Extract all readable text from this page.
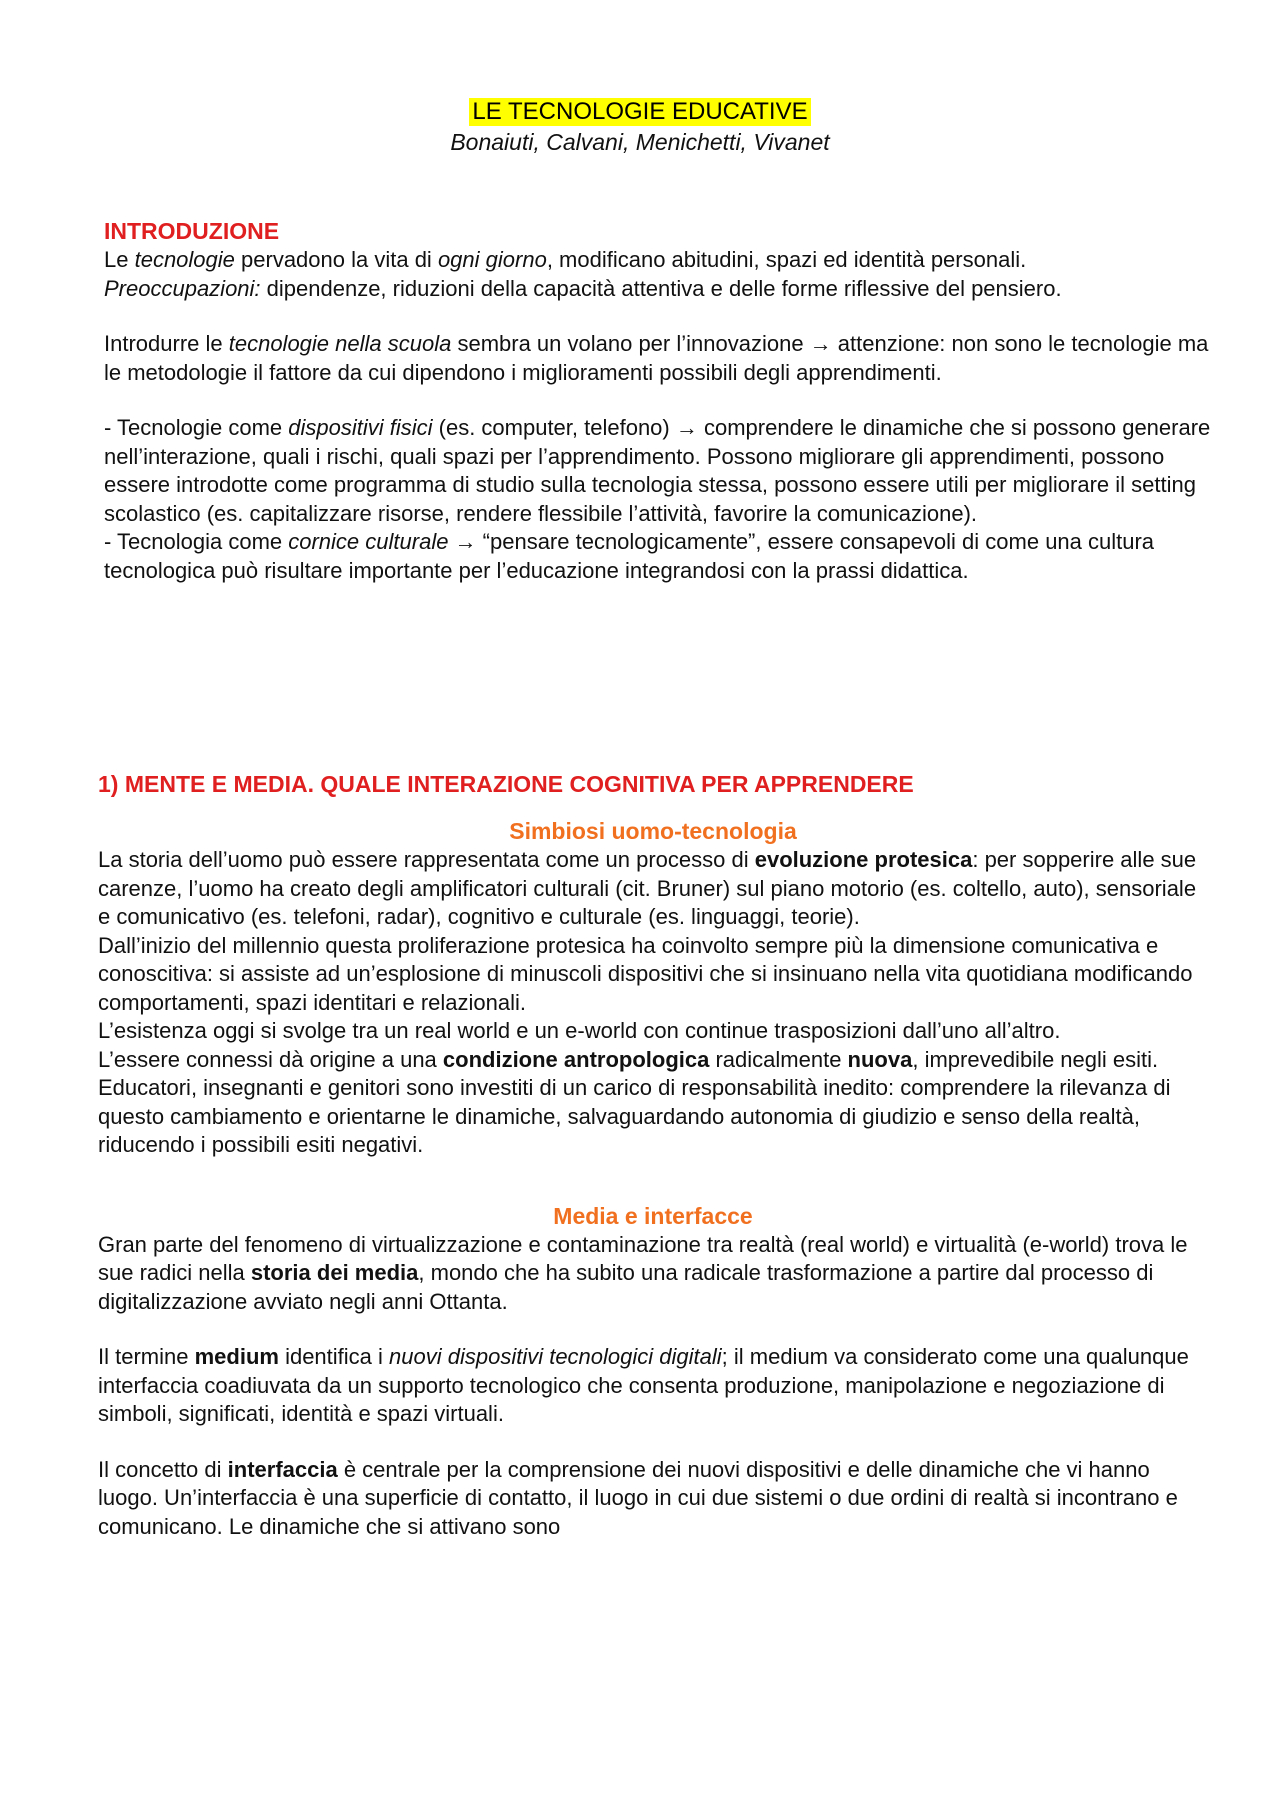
LE TECNOLOGIE EDUCATIVE
Bonaiuti, Calvani, Menichetti, Vivanet
INTRODUZIONE

Le tecnologie pervadono la vita di ogni giorno, modificano abitudini, spazi ed identità personali.
Preoccupazioni: dipendenze, riduzioni della capacità attentiva e delle forme riflessive del pensiero.

Introdurre le tecnologie nella scuola sembra un volano per l’innovazione → attenzione: non sono le tecnologie ma le metodologie il fattore da cui dipendono i miglioramenti possibili degli apprendimenti.

- Tecnologie come dispositivi fisici (es. computer, telefono) → comprendere le dinamiche che si possono generare nell’interazione, quali i rischi, quali spazi per l’apprendimento. Possono migliorare gli apprendimenti, possono essere introdotte come programma di studio sulla tecnologia stessa, possono essere utili per migliorare il setting scolastico (es. capitalizzare risorse, rendere flessibile l’attività, favorire la comunicazione).

- Tecnologia come cornice culturale → “pensare tecnologicamente”, essere consapevoli di come una cultura tecnologica può risultare importante per l’educazione integrandosi con la prassi didattica.

1) MENTE E MEDIA. QUALE INTERAZIONE COGNITIVA PER APPRENDERE
Simbiosi uomo-tecnologia

La storia dell’uomo può essere rappresentata come un processo di evoluzione protesica: per sopperire alle sue carenze, l’uomo ha creato degli amplificatori culturali (cit. Bruner) sul piano motorio (es. coltello, auto), sensoriale e comunicativo (es. telefoni, radar), cognitivo e culturale (es. linguaggi, teorie).

Dall’inizio del millennio questa proliferazione protesica ha coinvolto sempre più la dimensione comunicativa e conoscitiva: si assiste ad un’esplosione di minuscoli dispositivi che si insinuano nella vita quotidiana modificando comportamenti, spazi identitari e relazionali.

L’esistenza oggi si svolge tra un real world e un e-world con continue trasposizioni dall’uno all’altro.

L’essere connessi dà origine a una condizione antropologica radicalmente nuova, imprevedibile negli esiti.

Educatori, insegnanti e genitori sono investiti di un carico di responsabilità inedito: comprendere la rilevanza di questo cambiamento e orientarne le dinamiche, salvaguardando autonomia di giudizio e senso della realtà, riducendo i possibili esiti negativi.

Media e interfacce

Gran parte del fenomeno di virtualizzazione e contaminazione tra realtà (real world) e virtualità (e-world) trova le sue radici nella storia dei media, mondo che ha subito una radicale trasformazione a partire dal processo di digitalizzazione avviato negli anni Ottanta.

Il termine medium identifica i nuovi dispositivi tecnologici digitali; il medium va considerato come una qualunque interfaccia coadiuvata da un supporto tecnologico che consenta produzione, manipolazione e negoziazione di simboli, significati, identità e spazi virtuali.

Il concetto di interfaccia è centrale per la comprensione dei nuovi dispositivi e delle dinamiche che vi hanno luogo. Un’interfaccia è una superficie di contatto, il luogo in cui due sistemi o due ordini di realtà si incontrano e comunicano. Le dinamiche che si attivano sono
